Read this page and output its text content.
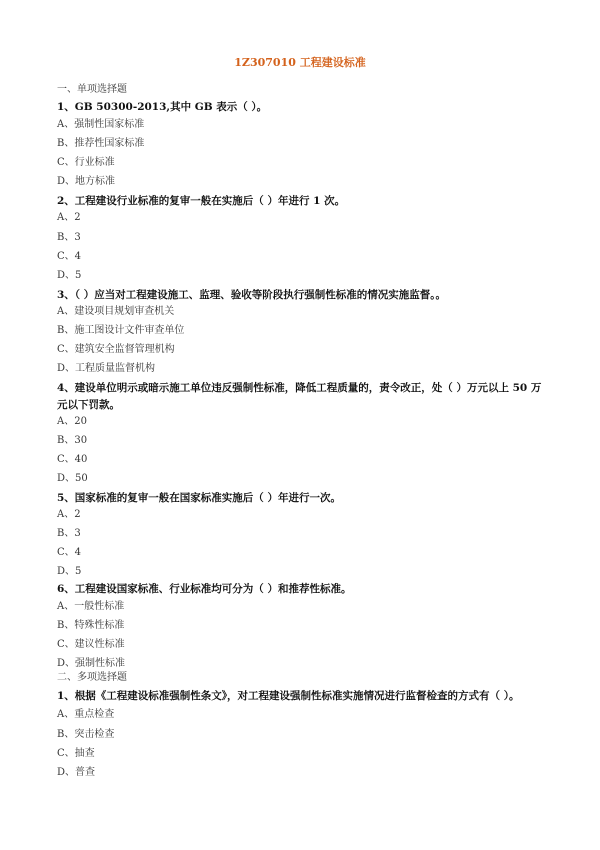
1Z307010 工程建设标准
一、单项选择题
1、GB 50300-2013,其中 GB 表示（ ）。
A、强制性国家标准
B、推荐性国家标准
C、行业标准
D、地方标准
2、工程建设行业标准的复审一般在实施后（ ）年进行 1 次。
A、2
B、3
C、4
D、5
3、（ ）应当对工程建设施工、监理、验收等阶段执行强制性标准的情况实施监督。。
A、建设项目规划审查机关
B、施工图设计文件审查单位
C、建筑安全监督管理机构
D、工程质量监督机构
4、建设单位明示或暗示施工单位违反强制性标准，降低工程质量的，责令改正，处（ ）万元以上 50 万
元以下罚款。
A、20
B、30
C、40
D、50
5、国家标准的复审一般在国家标准实施后（ ）年进行一次。
A、2
B、3
C、4
D、5
6、工程建设国家标准、行业标准均可分为（ ）和推荐性标准。
A、一般性标准
B、特殊性标准
C、建议性标准
D、强制性标准
二、多项选择题
1、根据《工程建设标准强制性条文》，对工程建设强制性标准实施情况进行监督检查的方式有（ ）。
A、重点检查
B、突击检查
C、抽查
D、普查
